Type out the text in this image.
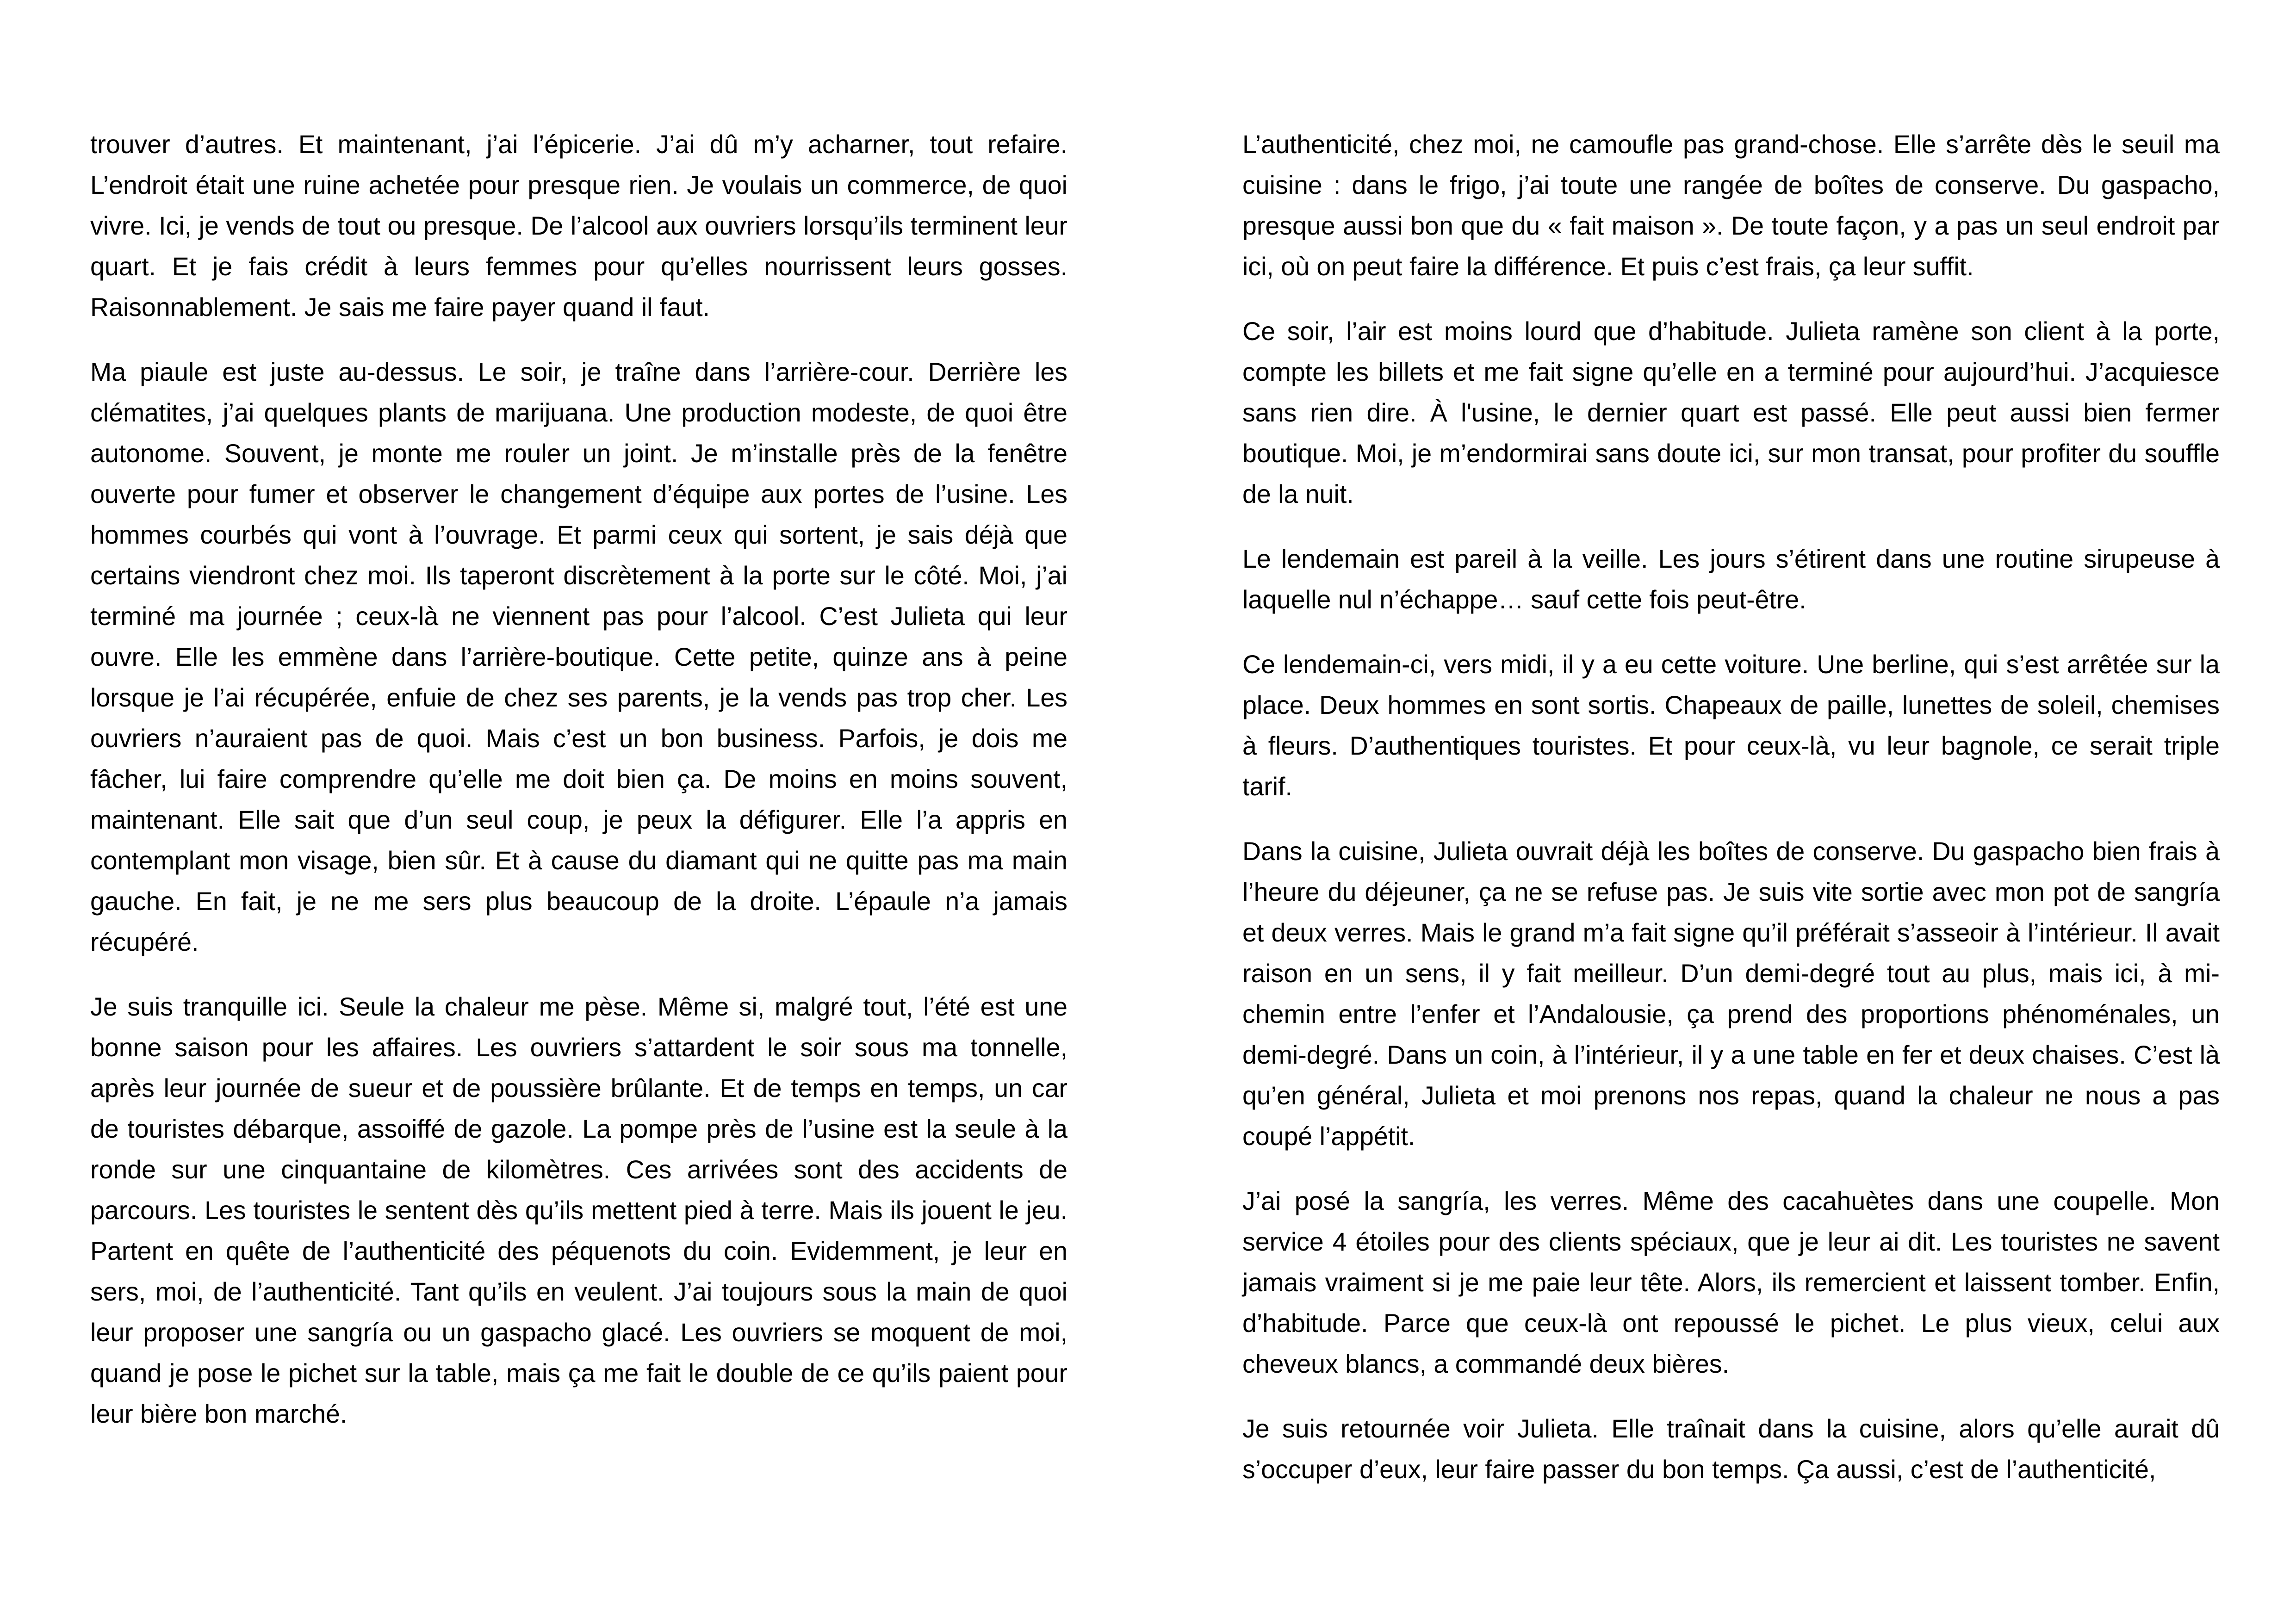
trouver d’autres. Et maintenant, j’ai l’épicerie. J’ai dû m’y acharner, tout refaire. L’endroit était une ruine achetée pour presque rien. Je voulais un commerce, de quoi vivre. Ici, je vends de tout ou presque. De l’alcool aux ouvriers lorsqu’ils terminent leur quart. Et je fais crédit à leurs femmes pour qu’elles nourrissent leurs gosses. Raisonnablement. Je sais me faire payer quand il faut.

Ma piaule est juste au-dessus. Le soir, je traîne dans l’arrière-cour. Derrière les clématites, j’ai quelques plants de marijuana. Une production modeste, de quoi être autonome. Souvent, je monte me rouler un joint. Je m’installe près de la fenêtre ouverte pour fumer et observer le changement d’équipe aux portes de l’usine. Les hommes courbés qui vont à l’ouvrage. Et parmi ceux qui sortent, je sais déjà que certains viendront chez moi. Ils taperont discrètement à la porte sur le côté. Moi, j’ai terminé ma journée ; ceux-là ne viennent pas pour l’alcool. C’est Julieta qui leur ouvre. Elle les emmène dans l’arrière-boutique. Cette petite, quinze ans à peine lorsque je l’ai récupérée, enfuie de chez ses parents, je la vends pas trop cher. Les ouvriers n’auraient pas de quoi. Mais c’est un bon business. Parfois, je dois me fâcher, lui faire comprendre qu’elle me doit bien ça. De moins en moins souvent, maintenant. Elle sait que d’un seul coup, je peux la défigurer. Elle l’a appris en contemplant mon visage, bien sûr. Et à cause du diamant qui ne quitte pas ma main gauche. En fait, je ne me sers plus beaucoup de la droite. L’épaule n’a jamais récupéré.

Je suis tranquille ici. Seule la chaleur me pèse. Même si, malgré tout, l’été est une bonne saison pour les affaires. Les ouvriers s’attardent le soir sous ma tonnelle, après leur journée de sueur et de poussière brûlante. Et de temps en temps, un car de touristes débarque, assoiffé de gazole. La pompe près de l’usine est la seule à la ronde sur une cinquantaine de kilomètres. Ces arrivées sont des accidents de parcours. Les touristes le sentent dès qu’ils mettent pied à terre. Mais ils jouent le jeu. Partent en quête de l’authenticité des péquenots du coin. Evidemment, je leur en sers, moi, de l’authenticité. Tant qu’ils en veulent. J’ai toujours sous la main de quoi leur proposer une sangría ou un gaspacho glacé. Les ouvriers se moquent de moi, quand je pose le pichet sur la table, mais ça me fait le double de ce qu’ils paient pour leur bière bon marché.

L’authenticité, chez moi, ne camoufle pas grand-chose. Elle s’arrête dès le seuil ma cuisine : dans le frigo, j’ai toute une rangée de boîtes de conserve. Du gaspacho, presque aussi bon que du « fait maison ». De toute façon, y a pas un seul endroit par ici, où on peut faire la différence. Et puis c’est frais, ça leur suffit.

Ce soir, l’air est moins lourd que d’habitude. Julieta ramène son client à la porte, compte les billets et me fait signe qu’elle en a terminé pour aujourd’hui. J’acquiesce sans rien dire. À l'usine, le dernier quart est passé. Elle peut aussi bien fermer boutique. Moi, je m’endormirai sans doute ici, sur mon transat, pour profiter du souffle de la nuit.

Le lendemain est pareil à la veille. Les jours s’étirent dans une routine sirupeuse à laquelle nul n’échappe… sauf cette fois peut-être.

Ce lendemain-ci, vers midi, il y a eu cette voiture. Une berline, qui s’est arrêtée sur la place. Deux hommes en sont sortis. Chapeaux de paille, lunettes de soleil, chemises à fleurs. D’authentiques touristes. Et pour ceux-là, vu leur bagnole, ce serait triple tarif.

Dans la cuisine, Julieta ouvrait déjà les boîtes de conserve. Du gaspacho bien frais à l’heure du déjeuner, ça ne se refuse pas. Je suis vite sortie avec mon pot de sangría et deux verres. Mais le grand m’a fait signe qu’il préférait s’asseoir à l’intérieur. Il avait raison en un sens, il y fait meilleur. D’un demi-degré tout au plus, mais ici, à mi-chemin entre l’enfer et l’Andalousie, ça prend des proportions phénoménales, un demi-degré. Dans un coin, à l’intérieur, il y a une table en fer et deux chaises. C’est là qu’en général, Julieta et moi prenons nos repas, quand la chaleur ne nous a pas coupé l’appétit.

J’ai posé la sangría, les verres. Même des cacahuètes dans une coupelle. Mon service 4 étoiles pour des clients spéciaux, que je leur ai dit. Les touristes ne savent jamais vraiment si je me paie leur tête. Alors, ils remercient et laissent tomber. Enfin, d’habitude. Parce que ceux-là ont repoussé le pichet. Le plus vieux, celui aux cheveux blancs, a commandé deux bières.

Je suis retournée voir Julieta. Elle traînait dans la cuisine, alors qu’elle aurait dû s’occuper d’eux, leur faire passer du bon temps. Ça aussi, c’est de l’authenticité,
